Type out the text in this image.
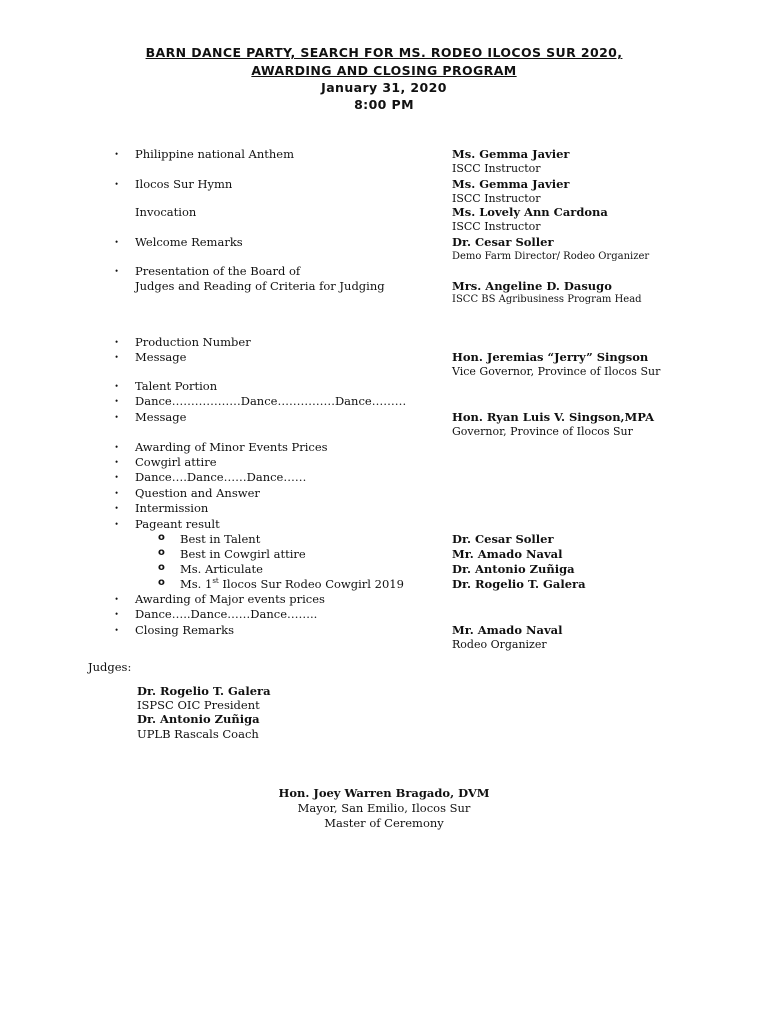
BARN DANCE PARTY, SEARCH FOR MS. RODEO ILOCOS SUR 2020,
AWARDING AND CLOSING PROGRAM
January 31, 2020
8:00 PM
• Philippine national Anthem	Ms. Gemma Javier
ISCC Instructor
• Ilocos Sur Hymn	Ms. Gemma Javier
ISCC Instructor
Invocation	Ms. Lovely Ann Cardona
ISCC Instructor
• Welcome Remarks	Dr. Cesar Soller
Demo Farm Director/ Rodeo Organizer
• Presentation of the Board of
Judges and Reading of Criteria for Judging	Mrs. Angeline D. Dasugo
ISCC BS Agribusiness Program Head
• Production Number
• Message	Hon. Jeremias “Jerry” Singson
Vice Governor, Province of Ilocos Sur
• Talent Portion
• Dance………………Dance……………Dance………
• Message	Hon. Ryan Luis V. Singson,MPA
Governor, Province of Ilocos Sur
• Awarding of Minor Events Prices
• Cowgirl attire
• Dance….Dance……Dance……
• Question and Answer
• Intermission
• Pageant result
o Best in Talent	Dr. Cesar Soller
o Best in Cowgirl attire	Mr. Amado Naval
o Ms. Articulate	Dr. Antonio Zuñiga
o Ms. 1st Ilocos Sur Rodeo Cowgirl 2019	Dr. Rogelio T. Galera
• Awarding of Major events prices
• Dance…..Dance……Dance……..
• Closing Remarks	Mr. Amado Naval
Rodeo Organizer
Judges:
Dr. Rogelio T. Galera
ISPSC OIC President
Dr. Antonio Zuñiga
UPLB Rascals Coach
Hon. Joey Warren Bragado, DVM
Mayor, San Emilio, Ilocos Sur
Master of Ceremony
